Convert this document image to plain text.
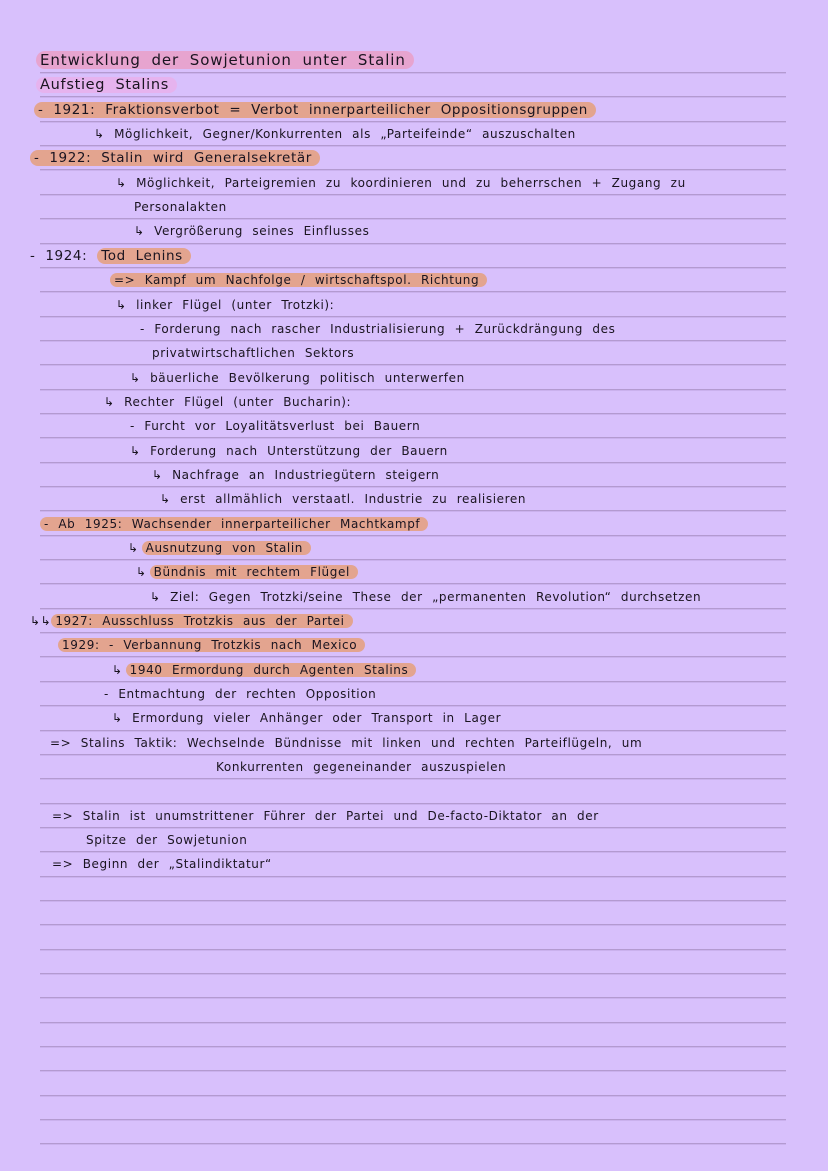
Entwicklung der Sowjetunion unter Stalin
Aufstieg Stalins
- 1921: Fraktionsverbot = Verbot innerparteilicher Oppositionsgruppen
↳ Möglichkeit, Gegner/Konkurrenten als „Parteifeinde“ auszuschalten
- 1922: Stalin wird Generalsekretär
↳ Möglichkeit, Parteigremien zu koordinieren und zu beherrschen + Zugang zu
Personalakten
↳ Vergrößerung seines Einflusses
- 1924: Tod Lenins
=> Kampf um Nachfolge / wirtschaftspol. Richtung
↳ linker Flügel (unter Trotzki):
- Forderung nach rascher Industrialisierung + Zurückdrängung des
privatwirtschaftlichen Sektors
↳ bäuerliche Bevölkerung politisch unterwerfen
↳ Rechter Flügel (unter Bucharin):
- Furcht vor Loyalitätsverlust bei Bauern
↳ Forderung nach Unterstützung der Bauern
↳ Nachfrage an Industriegütern steigern
↳ erst allmählich verstaatl. Industrie zu realisieren
- Ab 1925: Wachsender innerparteilicher Machtkampf
↳ Ausnutzung von Stalin
↳ Bündnis mit rechtem Flügel
↳ Ziel: Gegen Trotzki/seine These der „permanenten Revolution“ durchsetzen
↳↳ 1927: Ausschluss Trotzkis aus der Partei
1929: - Verbannung Trotzkis nach Mexico
↳ 1940 Ermordung durch Agenten Stalins
- Entmachtung der rechten Opposition
↳ Ermordung vieler Anhänger oder Transport in Lager
=> Stalins Taktik: Wechselnde Bündnisse mit linken und rechten Parteiflügeln, um
Konkurrenten gegeneinander auszuspielen
=> Stalin ist unumstrittener Führer der Partei und De-facto-Diktator an der
Spitze der Sowjetunion
=> Beginn der „Stalindiktatur“
